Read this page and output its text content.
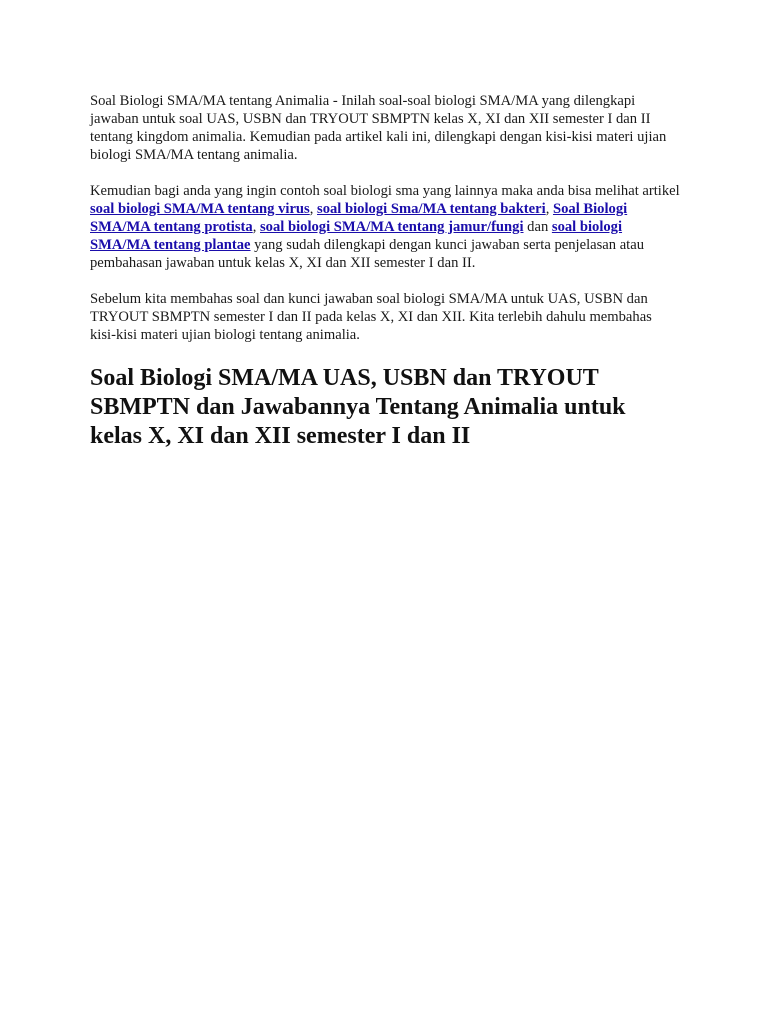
Soal Biologi SMA/MA tentang Animalia - Inilah soal-soal biologi SMA/MA yang dilengkapi jawaban untuk soal UAS, USBN dan TRYOUT SBMPTN kelas X, XI dan XII semester I dan II tentang kingdom animalia. Kemudian pada artikel kali ini, dilengkapi dengan kisi-kisi materi ujian biologi SMA/MA tentang animalia.

Kemudian bagi anda yang ingin contoh soal biologi sma yang lainnya maka anda bisa melihat artikel soal biologi SMA/MA tentang virus, soal biologi Sma/MA tentang bakteri, Soal Biologi SMA/MA tentang protista, soal biologi SMA/MA tentang jamur/fungi dan soal biologi SMA/MA tentang plantae yang sudah dilengkapi dengan kunci jawaban serta penjelasan atau pembahasan jawaban untuk kelas X, XI dan XII semester I dan II.

Sebelum kita membahas soal dan kunci jawaban soal biologi SMA/MA untuk UAS, USBN dan TRYOUT SBMPTN semester I dan II pada kelas X, XI dan XII. Kita terlebih dahulu membahas kisi-kisi materi ujian biologi tentang animalia.

Soal Biologi SMA/MA UAS, USBN dan TRYOUT SBMPTN dan Jawabannya Tentang Animalia untuk kelas X, XI dan XII semester I dan II
